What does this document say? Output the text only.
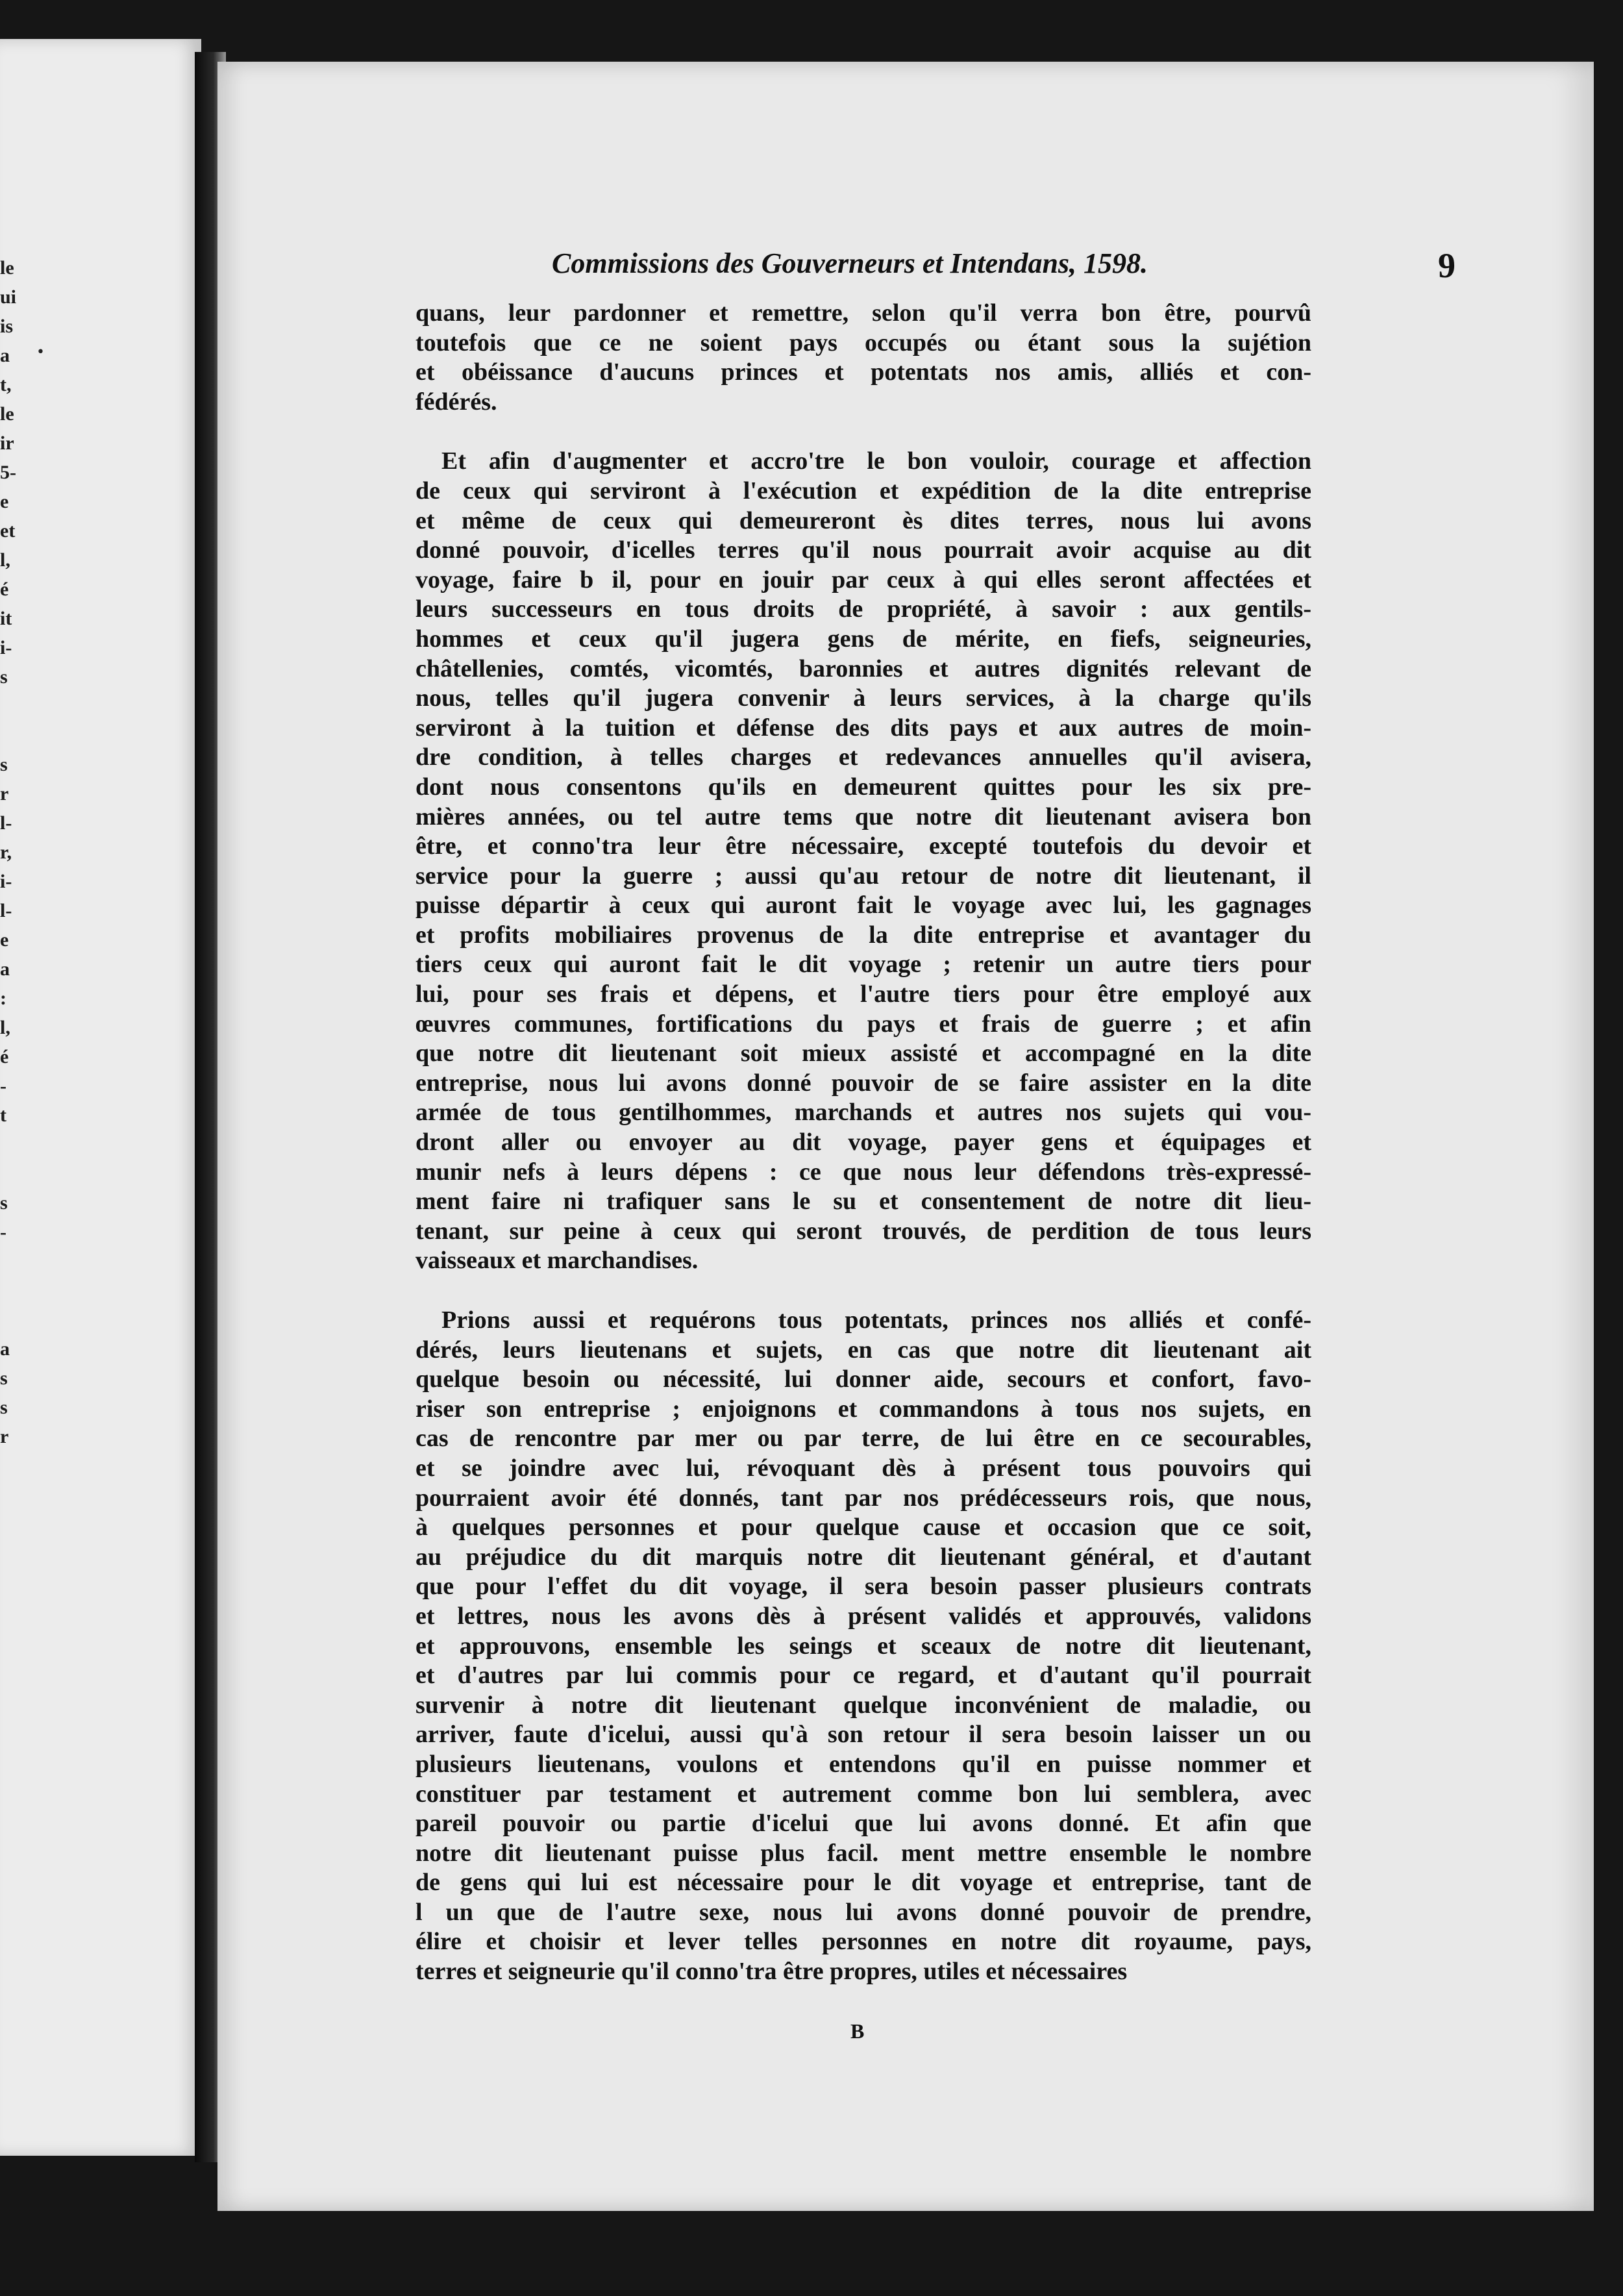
le
ui
is
a
t,
le
ir
5-
e
et
l,
é
it
i-
s
s
r
l-
r,
i-
l-
e
a
:
l,
é
-
t
s
-
a
s
s
r
•
Commissions des Gouverneurs et Intendans, 1598.	9
quans, leur pardonner et remettre, selon qu'il verra bon être, pourvû
toutefois que ce ne soient pays occupés ou étant sous la sujétion
et obéissance d'aucuns princes et potentats nos amis, alliés et con-
fédérés.
Et afin d'augmenter et accro'tre le bon vouloir, courage et affection
de ceux qui serviront à l'exécution et expédition de la dite entreprise
et même de ceux qui demeureront ès dites terres, nous lui avons
donné pouvoir, d'icelles terres qu'il nous pourrait avoir acquise au dit
voyage, faire b il, pour en jouir par ceux à qui elles seront affectées et
leurs successeurs en tous droits de propriété, à savoir : aux gentils-
hommes et ceux qu'il jugera gens de mérite, en fiefs, seigneuries,
châtellenies, comtés, vicomtés, baronnies et autres dignités relevant de
nous, telles qu'il jugera convenir à leurs services, à la charge qu'ils
serviront à la tuition et défense des dits pays et aux autres de moin-
dre condition, à telles charges et redevances annuelles qu'il avisera,
dont nous consentons qu'ils en demeurent quittes pour les six pre-
mières années, ou tel autre tems que notre dit lieutenant avisera bon
être, et conno'tra leur être nécessaire, excepté toutefois du devoir et
service pour la guerre ; aussi qu'au retour de notre dit lieutenant, il
puisse départir à ceux qui auront fait le voyage avec lui, les gagnages
et profits mobiliaires provenus de la dite entreprise et avantager du
tiers ceux qui auront fait le dit voyage ; retenir un autre tiers pour
lui, pour ses frais et dépens, et l'autre tiers pour être employé aux
œuvres communes, fortifications du pays et frais de guerre ; et afin
que notre dit lieutenant soit mieux assisté et accompagné en la dite
entreprise, nous lui avons donné pouvoir de se faire assister en la dite
armée de tous gentilhommes, marchands et autres nos sujets qui vou-
dront aller ou envoyer au dit voyage, payer gens et équipages et
munir nefs à leurs dépens : ce que nous leur défendons très-expressé-
ment faire ni trafiquer sans le su et consentement de notre dit lieu-
tenant, sur peine à ceux qui seront trouvés, de perdition de tous leurs
vaisseaux et marchandises.
Prions aussi et requérons tous potentats, princes nos alliés et confé-
dérés, leurs lieutenans et sujets, en cas que notre dit lieutenant ait
quelque besoin ou nécessité, lui donner aide, secours et confort, favo-
riser son entreprise ; enjoignons et commandons à tous nos sujets, en
cas de rencontre par mer ou par terre, de lui être en ce secourables,
et se joindre avec lui, révoquant dès à présent tous pouvoirs qui
pourraient avoir été donnés, tant par nos prédécesseurs rois, que nous,
à quelques personnes et pour quelque cause et occasion que ce soit,
au préjudice du dit marquis notre dit lieutenant général, et d'autant
que pour l'effet du dit voyage, il sera besoin passer plusieurs contrats
et lettres, nous les avons dès à présent validés et approuvés, validons
et approuvons, ensemble les seings et sceaux de notre dit lieutenant,
et d'autres par lui commis pour ce regard, et d'autant qu'il pourrait
survenir à notre dit lieutenant quelque inconvénient de maladie, ou
arriver, faute d'icelui, aussi qu'à son retour il sera besoin laisser un ou
plusieurs lieutenans, voulons et entendons qu'il en puisse nommer et
constituer par testament et autrement comme bon lui semblera, avec
pareil pouvoir ou partie d'icelui que lui avons donné. Et afin que
notre dit lieutenant puisse plus facil. ment mettre ensemble le nombre
de gens qui lui est nécessaire pour le dit voyage et entreprise, tant de
l un que de l'autre sexe, nous lui avons donné pouvoir de prendre,
élire et choisir et lever telles personnes en notre dit royaume, pays,
terres et seigneurie qu'il conno'tra être propres, utiles et nécessaires
B
